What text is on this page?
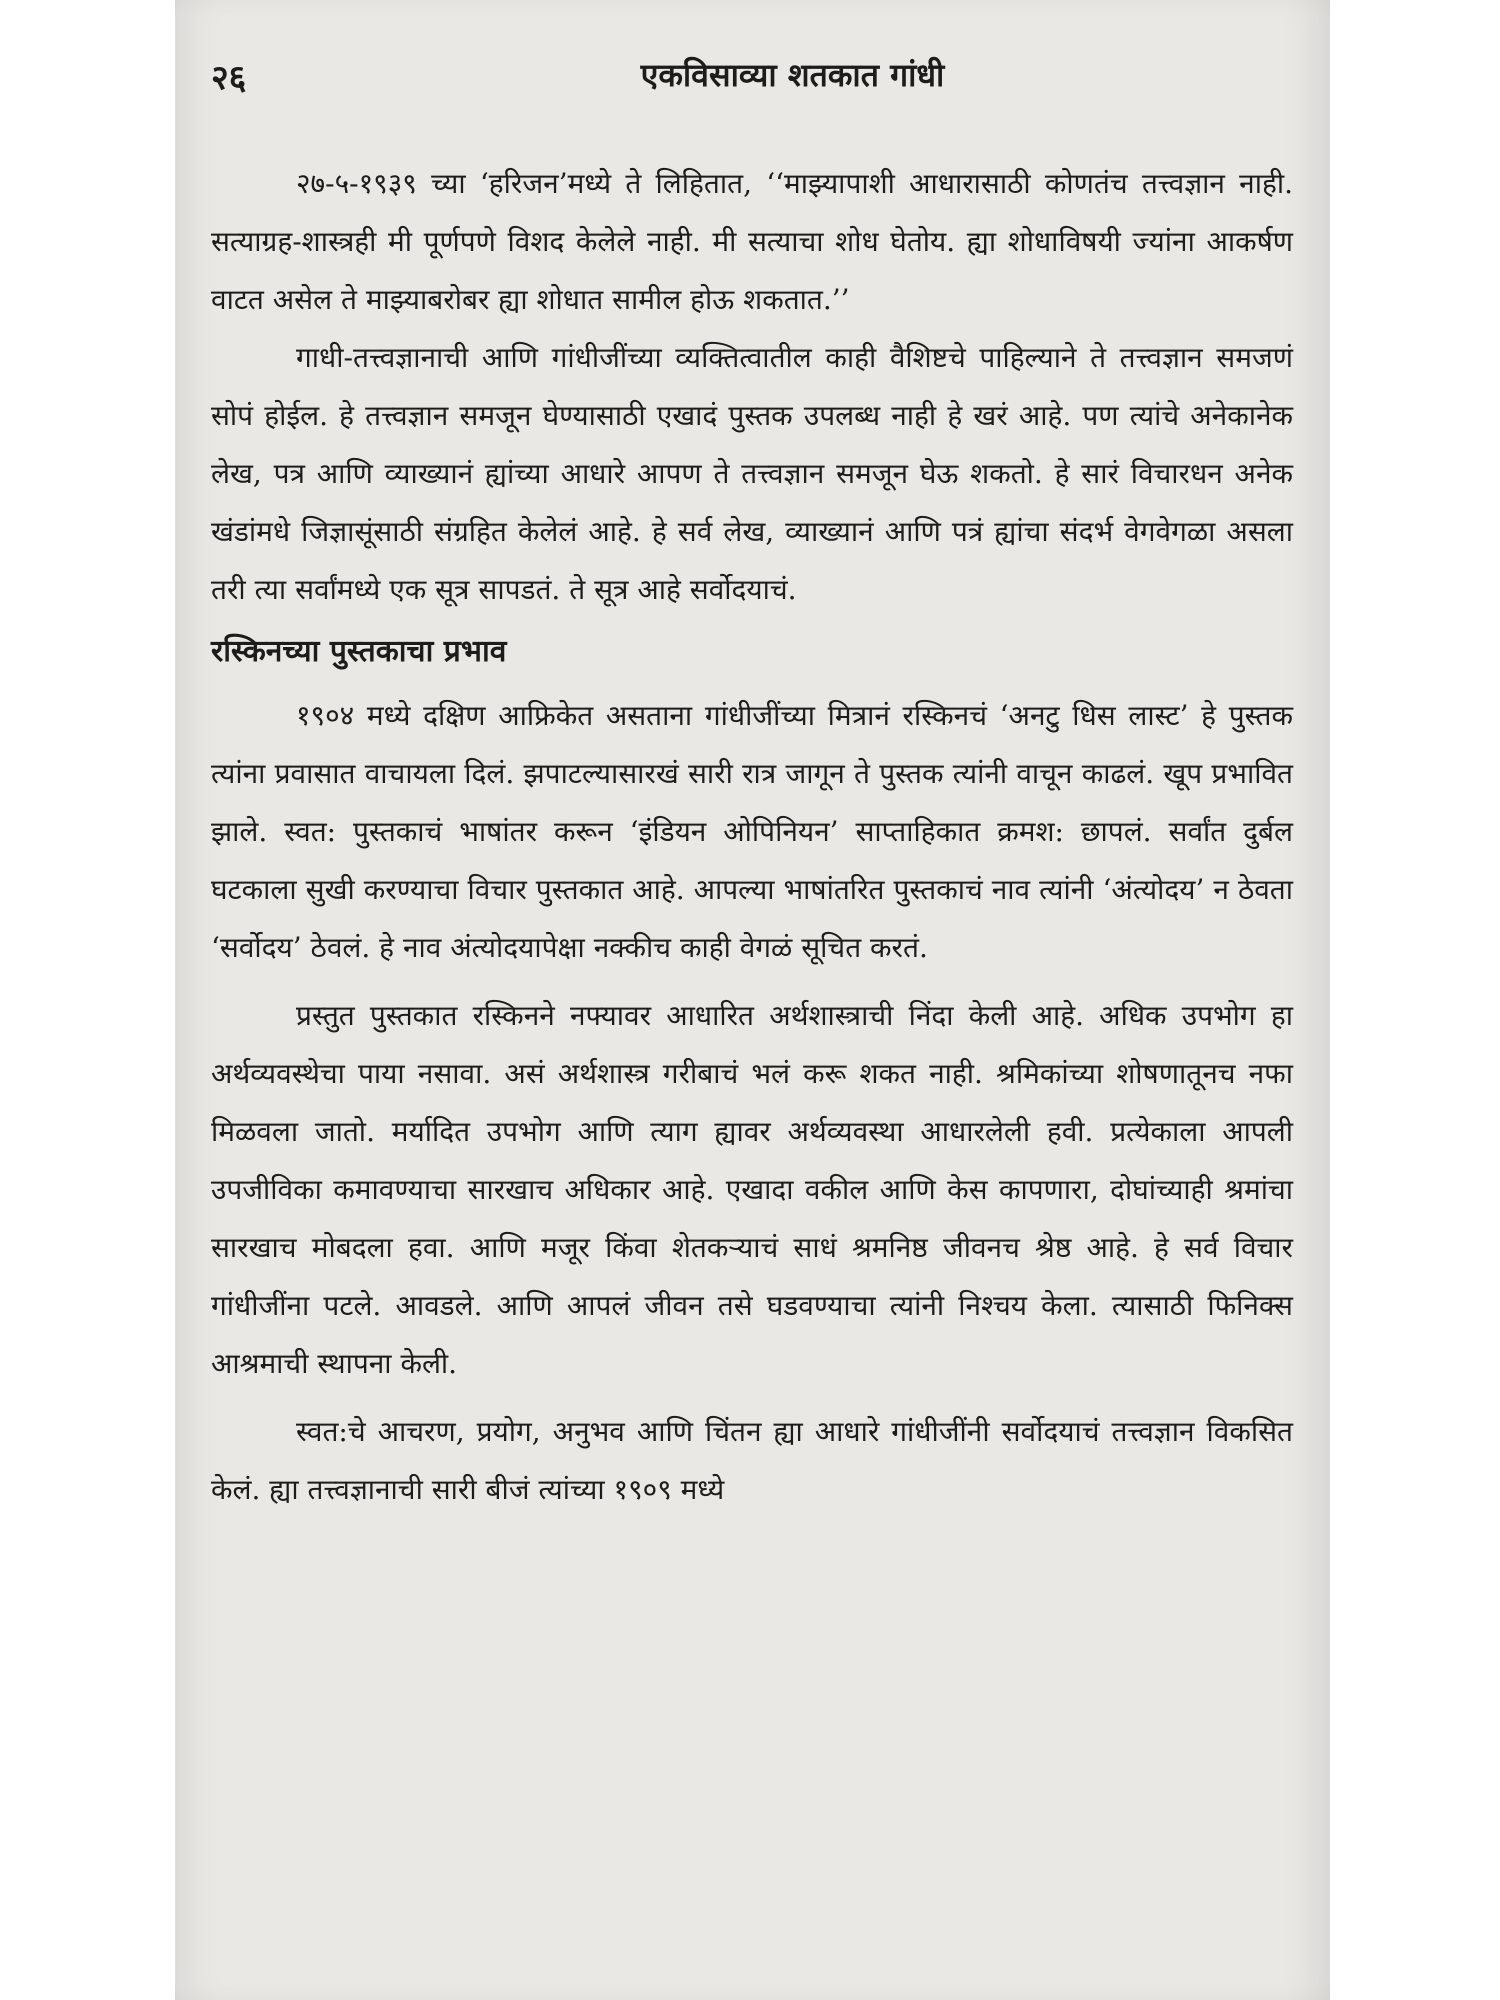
२६	एकविसाव्या शतकात गांधी

२७-५-१९३९ च्या ‘हरिजन’मध्ये ते लिहितात, ‘‘माझ्यापाशी आधारासाठी कोणतंच तत्त्वज्ञान नाही. सत्याग्रह-शास्त्रही मी पूर्णपणे विशद केलेले नाही. मी सत्याचा शोध घेतोय. ह्या शोधाविषयी ज्यांना आकर्षण वाटत असेल ते माझ्याबरोबर ह्या शोधात सामील होऊ शकतात.’’

गाधी-तत्त्वज्ञानाची आणि गांधीजींच्या व्यक्तित्वातील काही वैशिष्टचे पाहिल्याने ते तत्त्वज्ञान समजणं सोपं होईल. हे तत्त्वज्ञान समजून घेण्यासाठी एखादं पुस्तक उपलब्ध नाही हे खरं आहे. पण त्यांचे अनेकानेक लेख, पत्र आणि व्याख्यानं ह्यांच्या आधारे आपण ते तत्त्वज्ञान समजून घेऊ शकतो. हे सारं विचारधन अनेक खंडांमधे जिज्ञासूंसाठी संग्रहित केलेलं आहे. हे सर्व लेख, व्याख्यानं आणि पत्रं ह्यांचा संदर्भ वेगवेगळा असला तरी त्या सर्वांमध्ये एक सूत्र सापडतं. ते सूत्र आहे सर्वोदयाचं.

रस्किनच्या पुस्तकाचा प्रभाव

१९०४ मध्ये दक्षिण आफ्रिकेत असताना गांधीजींच्या मित्रानं रस्किनचं ‘अनटु धिस लास्ट’ हे पुस्तक त्यांना प्रवासात वाचायला दिलं. झपाटल्यासारखं सारी रात्र जागून ते पुस्तक त्यांनी वाचून काढलं. खूप प्रभावित झाले. स्वत: पुस्तकाचं भाषांतर करून ‘इंडियन ओपिनियन’ साप्ताहिकात क्रमश: छापलं. सर्वांत दुर्बल घटकाला सुखी करण्याचा विचार पुस्तकात आहे. आपल्या भाषांतरित पुस्तकाचं नाव त्यांनी ‘अंत्योदय’ न ठेवता ‘सर्वोदय’ ठेवलं. हे नाव अंत्योदयापेक्षा नक्कीच काही वेगळं सूचित करतं.

प्रस्तुत पुस्तकात रस्किनने नफ्यावर आधारित अर्थशास्त्राची निंदा केली आहे. अधिक उपभोग हा अर्थव्यवस्थेचा पाया नसावा. असं अर्थशास्त्र गरीबाचं भलं करू शकत नाही. श्रमिकांच्या शोषणातूनच नफा मिळवला जातो. मर्यादित उपभोग आणि त्याग ह्यावर अर्थव्यवस्था आधारलेली हवी. प्रत्येकाला आपली उपजीविका कमावण्याचा सारखाच अधिकार आहे. एखादा वकील आणि केस कापणारा, दोघांच्याही श्रमांचा सारखाच मोबदला हवा. आणि मजूर किंवा शेतकऱ्याचं साधं श्रमनिष्ठ जीवनच श्रेष्ठ आहे. हे सर्व विचार गांधीजींना पटले. आवडले. आणि आपलं जीवन तसे घडवण्याचा त्यांनी निश्चय केला. त्यासाठी फिनिक्स आश्रमाची स्थापना केली.

स्वत:चे आचरण, प्रयोग, अनुभव आणि चिंतन ह्या आधारे गांधीजींनी सर्वोदयाचं तत्त्वज्ञान विकसित केलं. ह्या तत्त्वज्ञानाची सारी बीजं त्यांच्या १९०९ मध्ये
